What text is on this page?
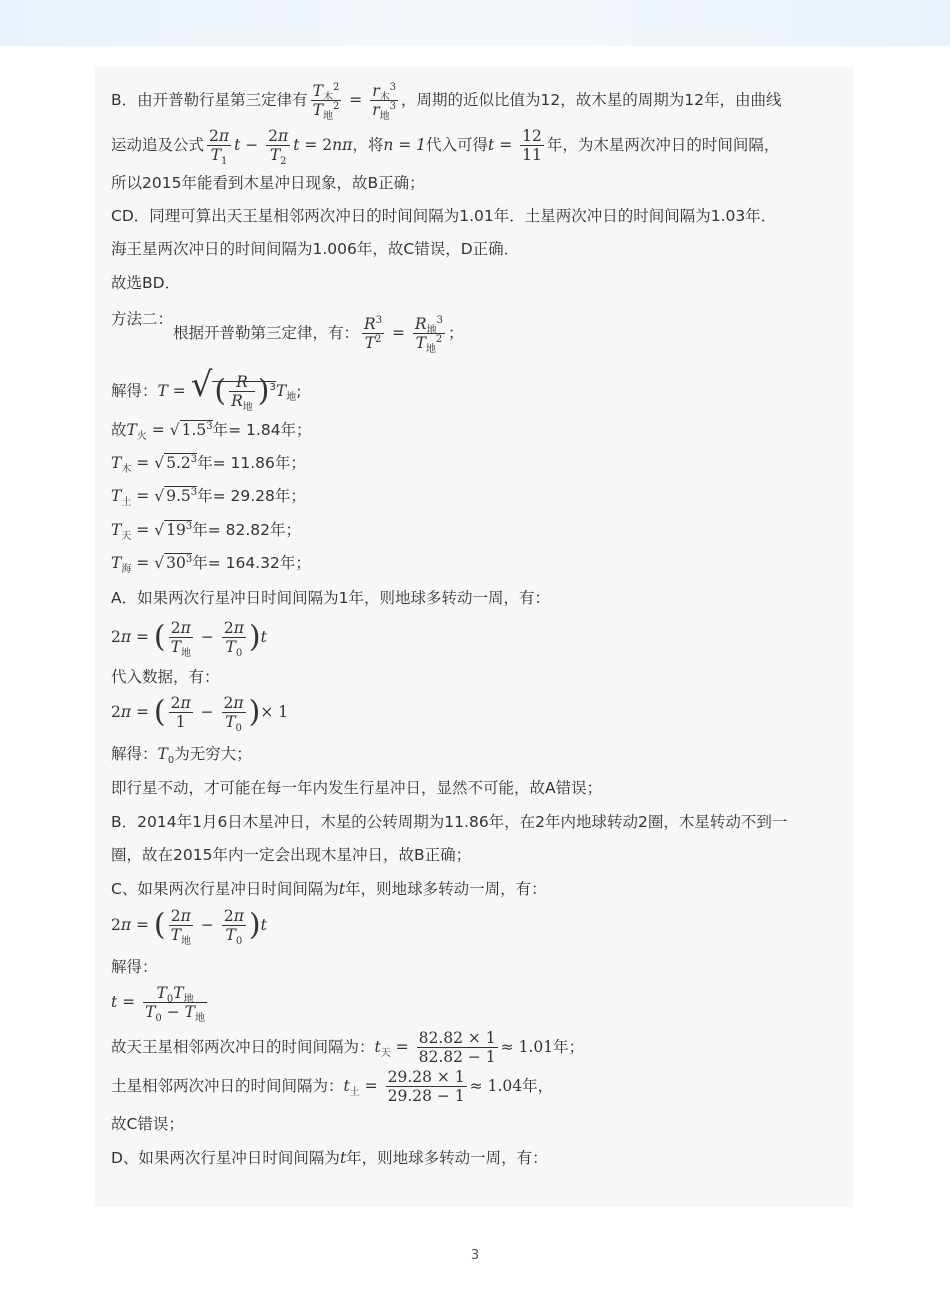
B．由开普勒行星第三定律有 $\frac{T_木^2}{T_地^2} = \frac{r_木^3}{r_地^3}$ ，周期的近似比值为12，故木星的周期为12年，由曲线
运动追及公式 $\frac{2\pi}{T_1}$ $t - \frac{2\pi}{T_2}$ t = 2nπ，将n = 1代入可得$t = \frac{12}{11}$ 年，为木星两次冲日的时间间隔，
所以2015年能看到木星冲日现象，故B正确；
CD．同理可算出天王星相邻两次冲日的时间间隔为1.01年．土星两次冲日的时间间隔为1.03年．
海王星两次冲日的时间间隔为1.006年，故C错误，D正确．
故选BD．
方法二：根据开普勒第三定律，有： $\frac{R^3}{T^2} = \frac{R_地^3}{T_地^2}$ ；
解得：T = √( $\frac{R}{R_地} )^3T_地$;
故$T_火$ = √ $1.5^3$年= 1.84年；
$T_木$ = √ $5.2^3$年= 11.86年；
$T_土$ = √ $9.5^3$年= 29.28年；
$T_天$ = √ $19^3$年= 82.82年；
$T_海$ = √ $30^3$年= 164.32年；
A．如果两次行星冲日时间间隔为1年，则地球多转动一周，有：
2π = ( $\frac{2\pi}{T_地} - \frac{2\pi}{T_0} )t$
代入数据，有：
2π = ( $\frac{2\pi}{1} - \frac{2\pi}{T_0}$ )× 1
解得：$T_0$为无穷大；
即行星不动，才可能在每一年内发生行星冲日，显然不可能，故A错误；
B．2014年1月6日木星冲日，木星的公转周期为11.86年，在2年内地球转动2圈，木星转动不到一
圈，故在2015年内一定会出现木星冲日，故B正确；
C、如果两次行星冲日时间间隔为t年，则地球多转动一周，有：
2π = ( $\frac{2\pi}{T_地} - \frac{2\pi}{T_0} )t$
解得：
$t = \frac{T_0T_地}{T_0 - T_地}$
故天王星相邻两次冲日的时间间隔为：$t_天 = \frac{82.82 \times 1}{82.82 - 1} \approx 1.01$年；
土星相邻两次冲日的时间间隔为：$t_土 = \frac{29.28 \times 1}{29.28 - 1} \approx 1.04$年，
故C错误；
D、如果两次行星冲日时间间隔为t年，则地球多转动一周，有：
3
